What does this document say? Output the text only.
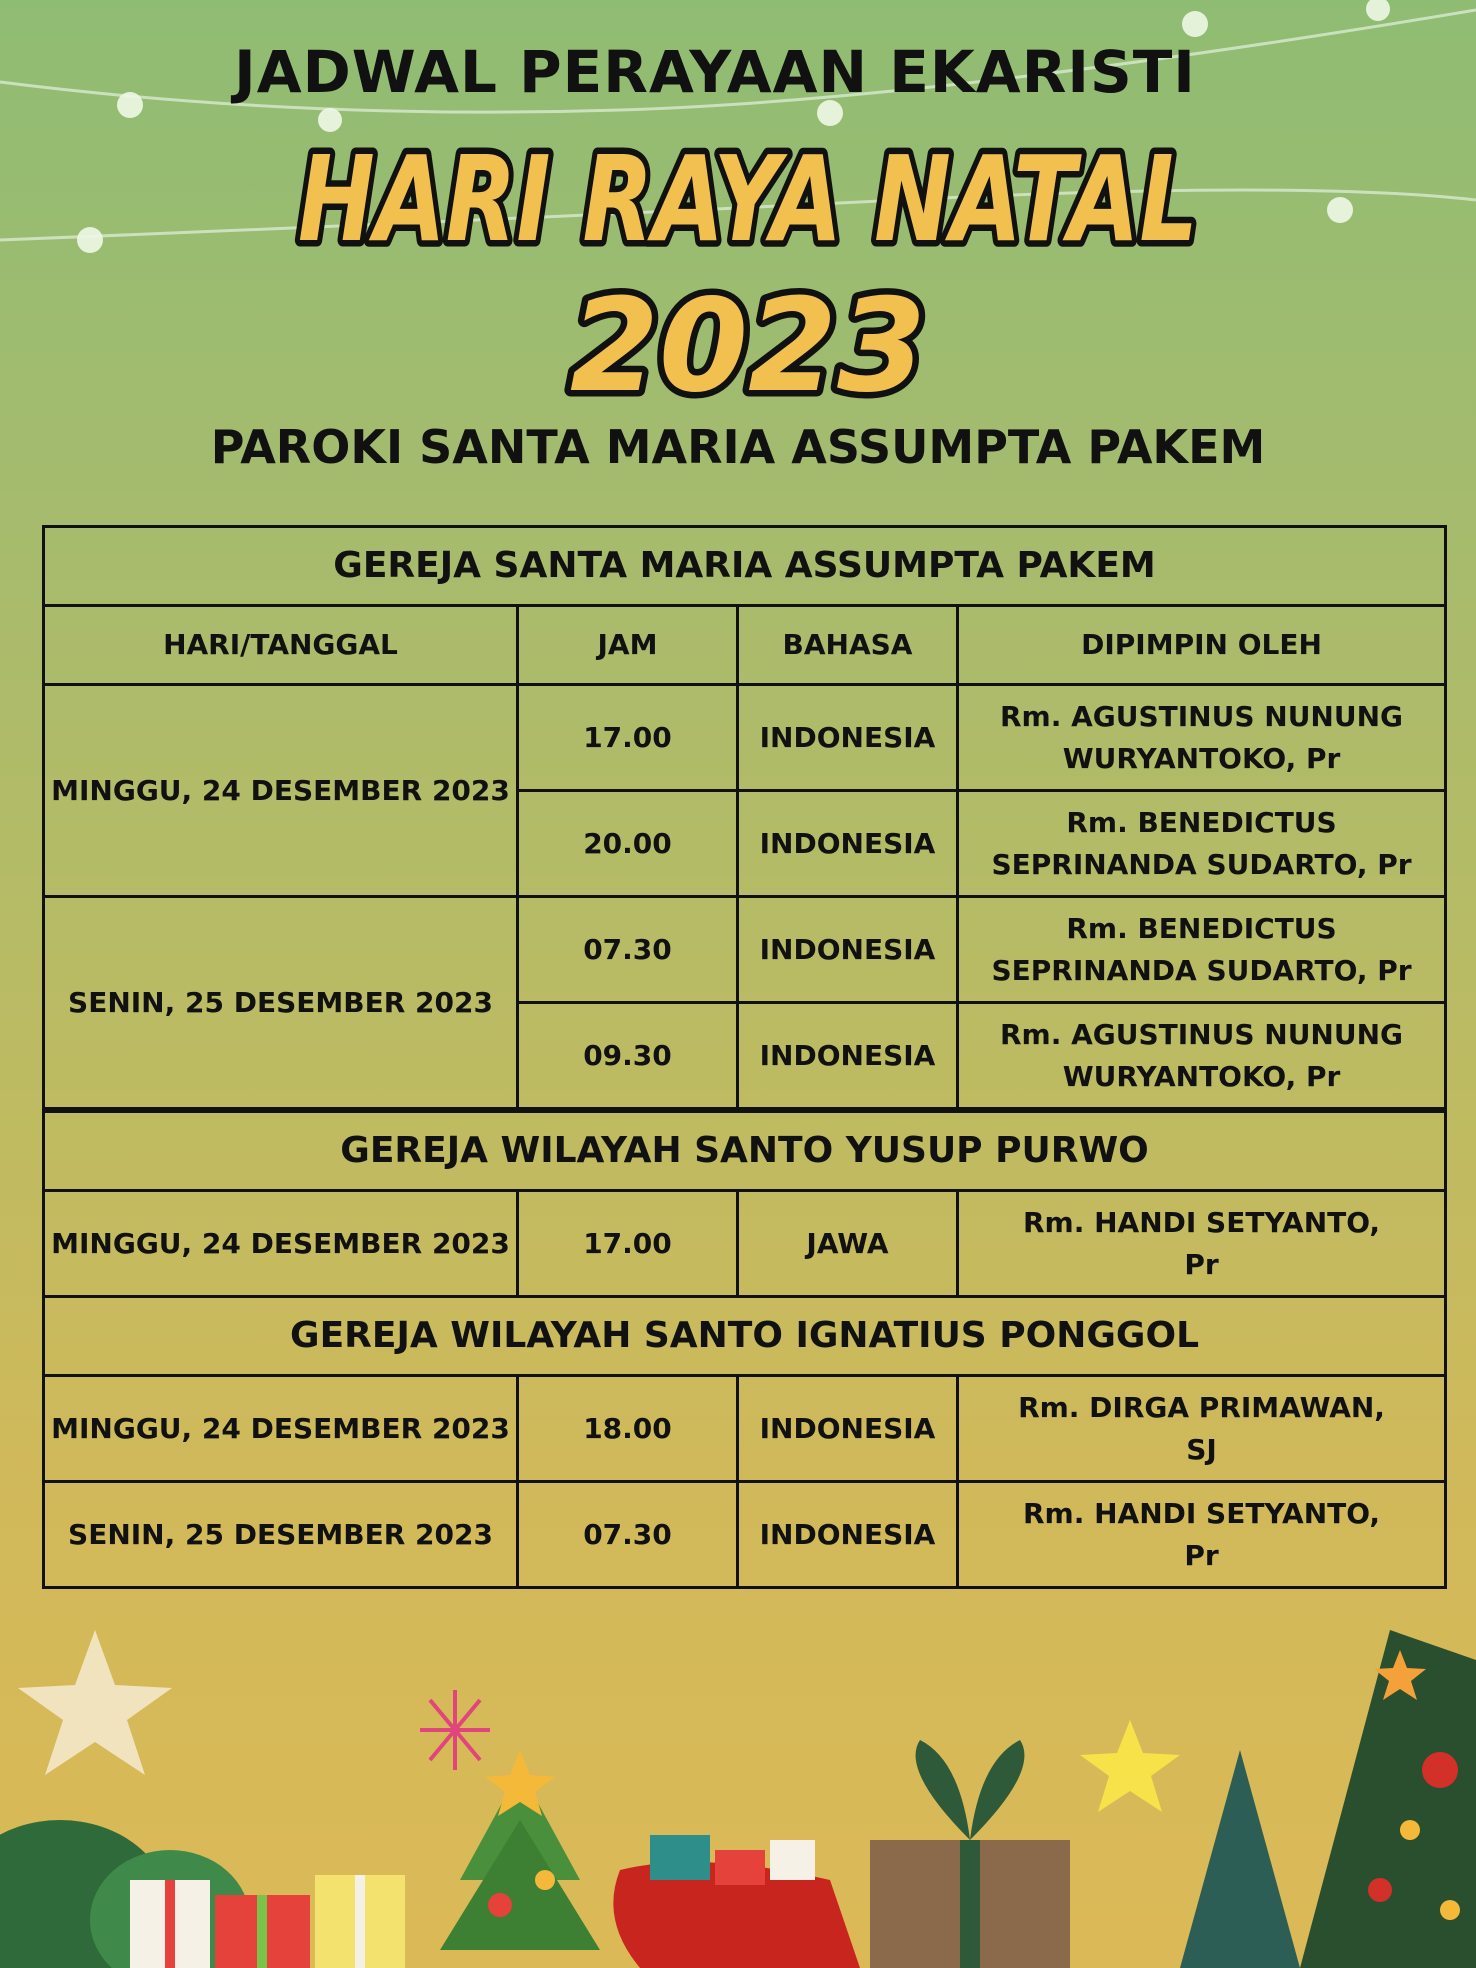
JADWAL PERAYAAN EKARISTI
HARI RAYA NATAL
2023
PAROKI SANTA MARIA ASSUMPTA PAKEM
GEREJA SANTA MARIA ASSUMPTA PAKEM			
HARI/TANGGAL	JAM	BAHASA	DIPIMPIN OLEH
MINGGU, 24 DESEMBER 2023	17.00	INDONESIA	Rm. AGUSTINUS NUNUNG
WURYANTOKO, Pr
	20.00	INDONESIA	Rm. BENEDICTUS
SEPRINANDA SUDARTO, Pr
SENIN, 25 DESEMBER 2023	07.30	INDONESIA	Rm. BENEDICTUS
SEPRINANDA SUDARTO, Pr
	09.30	INDONESIA	Rm. AGUSTINUS NUNUNG
WURYANTOKO, Pr
GEREJA WILAYAH SANTO YUSUP PURWO			
MINGGU, 24 DESEMBER 2023	17.00	JAWA	Rm. HANDI SETYANTO,
Pr
GEREJA WILAYAH SANTO IGNATIUS PONGGOL			
MINGGU, 24 DESEMBER 2023	18.00	INDONESIA	Rm. DIRGA PRIMAWAN,
SJ
SENIN, 25 DESEMBER 2023	07.30	INDONESIA	Rm. HANDI SETYANTO,
Pr
